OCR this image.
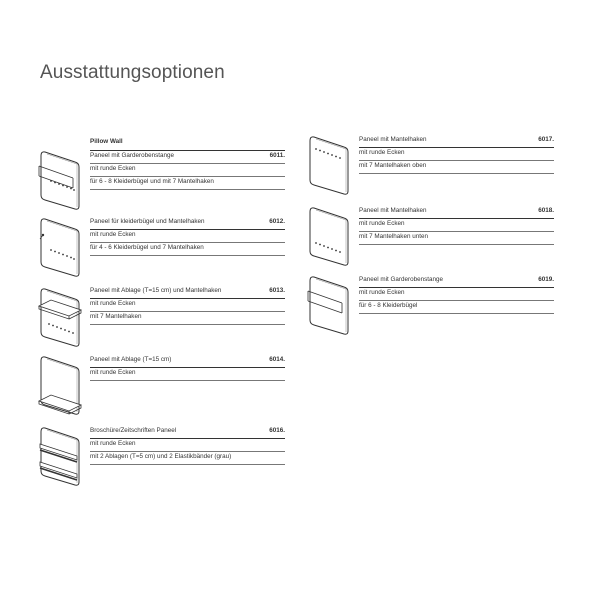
Ausstattungsoptionen
Pillow Wall
Paneel mit Garderobenstange	6011.
mit runde Ecken
für 6 - 8 Kleiderbügel und mit 7 Mantelhaken
Paneel für kleiderbügel und Mantelhaken	6012.
mit runde Ecken
für 4 - 6 Kleiderbügel und 7 Mantelhaken
Paneel mit Ablage (T=15 cm) und Mantelhaken	6013.
mit runde Ecken
mit 7 Mantelhaken
Paneel mit Ablage (T=15 cm)	6014.
mit runde Ecken
Broschüre/Zeitschriften Paneel	6016.
mit runde Ecken
mit 2 Ablagen (T=5 cm) und 2 Elastikbänder (grau)
Paneel mit Mantelhaken	6017.
mit runde Ecken
mit 7 Mantelhaken oben
Paneel mit Mantelhaken	6018.
mit runde Ecken
mit 7 Mantelhaken unten
Paneel mit Garderobenstange	6019.
mit runde Ecken
für 6 - 8 Kleiderbügel
